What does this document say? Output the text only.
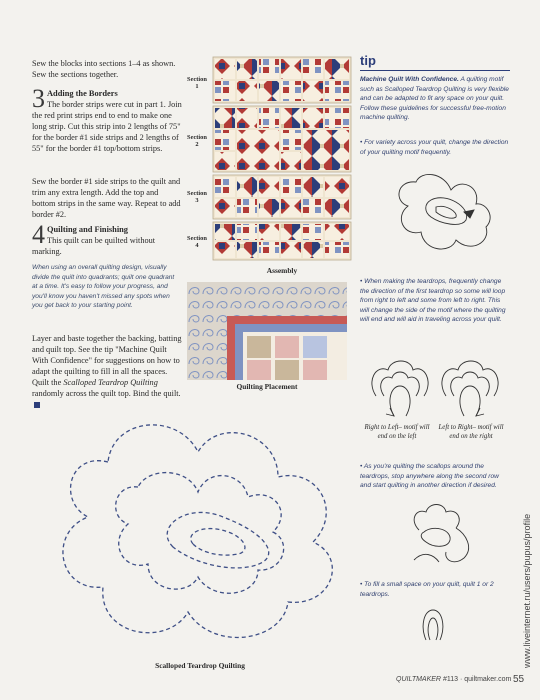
Sew the blocks into sections 1–4 as shown. Sew the sections together.
3 Adding the Borders
The border strips were cut in part 1. Join the red print strips end to end to make one long strip. Cut this strip into 2 lengths of 75" for the border #1 side strips and 2 lengths of 55" for the border #1 top/bottom strips.
Sew the border #1 side strips to the quilt and trim any extra length. Add the top and bottom strips in the same way. Repeat to add border #2.
4 Quilting and Finishing
This quilt can be quilted without marking.
When using an overall quilting design, visually divide the quilt into quadrants; quilt one quadrant at a time. It's easy to follow your progress, and you'll know you haven't missed any spots when you get back to your starting point.
Layer and baste together the backing, batting and quilt top. See the tip "Machine Quilt With Confidence" for suggestions on how to adapt the quilting to fill in all the spaces. Quilt the Scalloped Teardrop Quilting randomly across the quilt top. Bind the quilt.
Section
1
Section
2
Section
3
Section
4
Assembly
Quilting Placement
Scalloped Teardrop Quilting
tip
Machine Quilt With Confidence. A quilting motif such as Scalloped Teardrop Quilting is very flexible and can be adapted to fit any space on your quilt. Follow these guidelines for successful free-motion machine quilting.
• For variety across your quilt, change the direction of your quilting motif frequently.
• When making the teardrops, frequently change the direction of the first teardrop so some will loop from right to left and some from left to right. This will change the side of the motif where the quilting will end and will aid in traveling across your quilt.
Right to Left– motif will end on the left
Left to Right– motif will end on the right
• As you're quilting the scallops around the teardrops, stop anywhere along the second row and start quilting in another direction if desired.
• To fill a small space on your quilt, quilt 1 or 2 teardrops.
QUILTMAKER #113 · quiltmaker.com 55
www.liveinternet.ru/users/pupus/profile
